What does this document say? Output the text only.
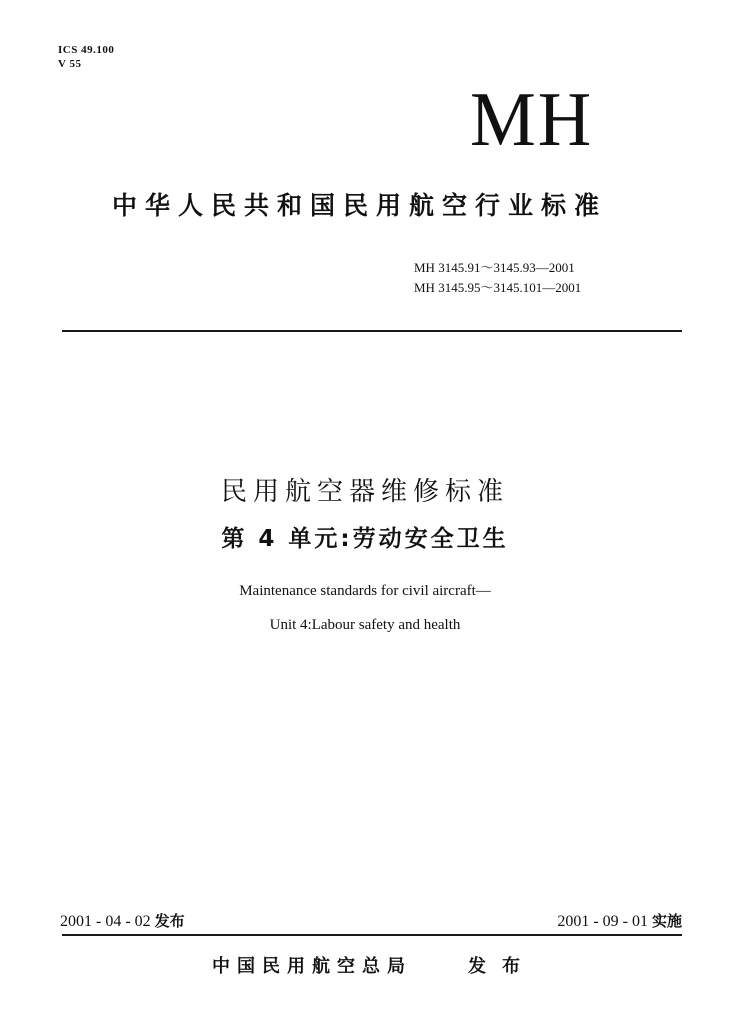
ICS 49.100
V 55
MH
中华人民共和国民用航空行业标准
MH 3145.91～3145.93—2001
MH 3145.95～3145.101—2001
民用航空器维修标准
第 4 单元:劳动安全卫生
Maintenance standards for civil aircraft—
Unit 4:Labour safety and health
2001 - 04 - 02 发布	2001 - 09 - 01 实施
中国民用航空总局	发布
